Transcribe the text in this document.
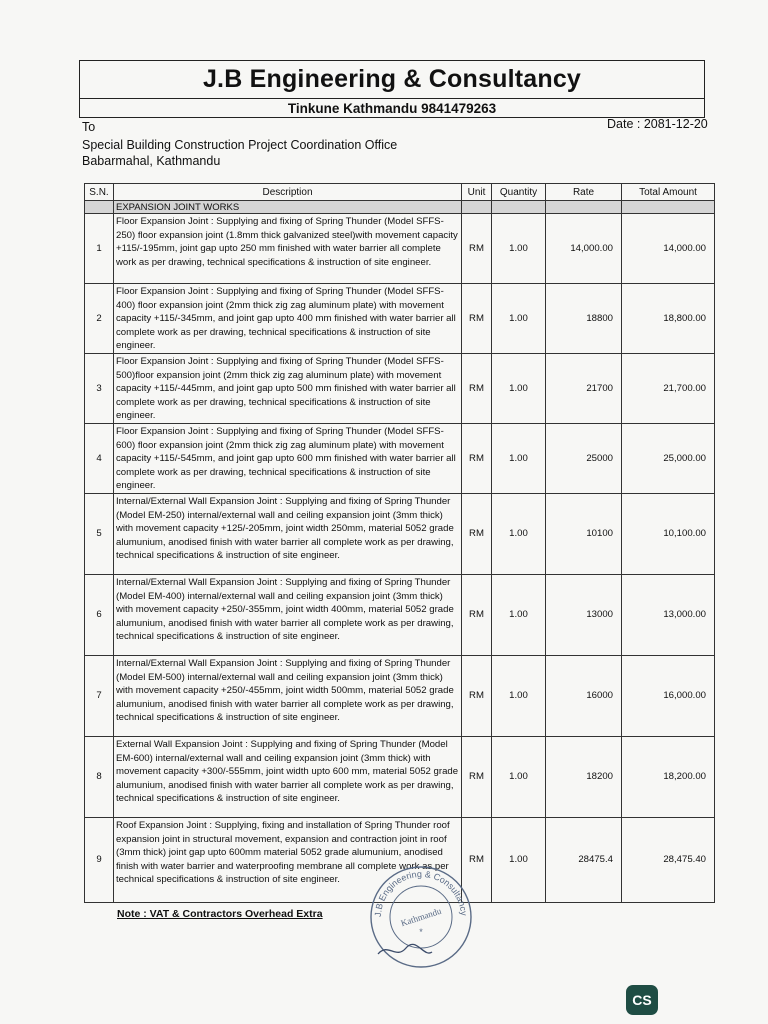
J.B Engineering & Consultancy
Tinkune Kathmandu 9841479263
To	Date : 2081-12-20
Special Building Construction Project Coordination Office
Babarmahal, Kathmandu
S.N.	Description	Unit	Quantity	Rate	Total Amount
	EXPANSION JOINT WORKS				
1	Floor Expansion Joint : Supplying and fixing of Spring Thunder (Model SFFS-250) floor expansion joint (1.8mm thick galvanized steel)with movement capacity +115/-195mm, joint gap upto 250 mm finished with water barrier all complete work as per drawing, technical specifications & instruction of site engineer.	RM	1.00	14,000.00	14,000.00
2	Floor Expansion Joint : Supplying and fixing of Spring Thunder (Model SFFS-400) floor expansion joint (2mm thick zig zag aluminum plate) with movement capacity +115/-345mm, and joint gap upto 400 mm finished with water barrier all complete work as per drawing, technical specifications & instruction of site engineer.	RM	1.00	18800	18,800.00
3	Floor Expansion Joint : Supplying and fixing of Spring Thunder (Model SFFS-500)floor expansion joint (2mm thick zig zag aluminum plate) with movement capacity +115/-445mm, and joint gap upto 500 mm finished with water barrier all complete work as per drawing, technical specifications & instruction of site engineer.	RM	1.00	21700	21,700.00
4	Floor Expansion Joint : Supplying and fixing of Spring Thunder (Model SFFS-600) floor expansion joint (2mm thick zig zag aluminum plate) with movement capacity +115/-545mm, and joint gap upto 600 mm finished with water barrier all complete work as per drawing, technical specifications & instruction of site engineer.	RM	1.00	25000	25,000.00
5	Internal/External Wall Expansion Joint : Supplying and fixing of Spring Thunder (Model EM-250) internal/external wall and ceiling expansion joint (3mm thick) with movement capacity +125/-205mm, joint width 250mm, material 5052 grade alumunium, anodised finish with water barrier all complete work as per drawing, technical specifications & instruction of site engineer.	RM	1.00	10100	10,100.00
6	Internal/External Wall Expansion Joint : Supplying and fixing of Spring Thunder (Model EM-400) internal/external wall and ceiling expansion joint (3mm thick) with movement capacity +250/-355mm, joint width 400mm, material 5052 grade alumunium, anodised finish with water barrier all complete work as per drawing, technical specifications & instruction of site engineer.	RM	1.00	13000	13,000.00
7	Internal/External Wall Expansion Joint : Supplying and fixing of Spring Thunder (Model EM-500) internal/external wall and ceiling expansion joint (3mm thick) with movement capacity +250/-455mm, joint width 500mm, material 5052 grade alumunium, anodised finish with water barrier all complete work as per drawing, technical specifications & instruction of site engineer.	RM	1.00	16000	16,000.00
8	External Wall Expansion Joint : Supplying and fixing of Spring Thunder (Model EM-600) internal/external wall and ceiling expansion joint (3mm thick) with movement capacity +300/-555mm, joint width upto 600 mm, material 5052 grade alumunium, anodised finish with water barrier all complete work as per drawing, technical specifications & instruction of site engineer.	RM	1.00	18200	18,200.00
9	Roof Expansion Joint : Supplying, fixing and installation of Spring Thunder roof expansion joint in structural movement, expansion and contraction joint in roof (3mm thick) joint gap upto 600mm material 5052 grade alumunium, anodised finish with water barrier and waterproofing membrane all complete work as per technical specifications & instruction of site engineer.	RM	1.00	28475.4	28,475.40
Note : VAT & Contractors Overhead Extra	J.B Engineering & Consultancy
Kathmandu
*
CS
